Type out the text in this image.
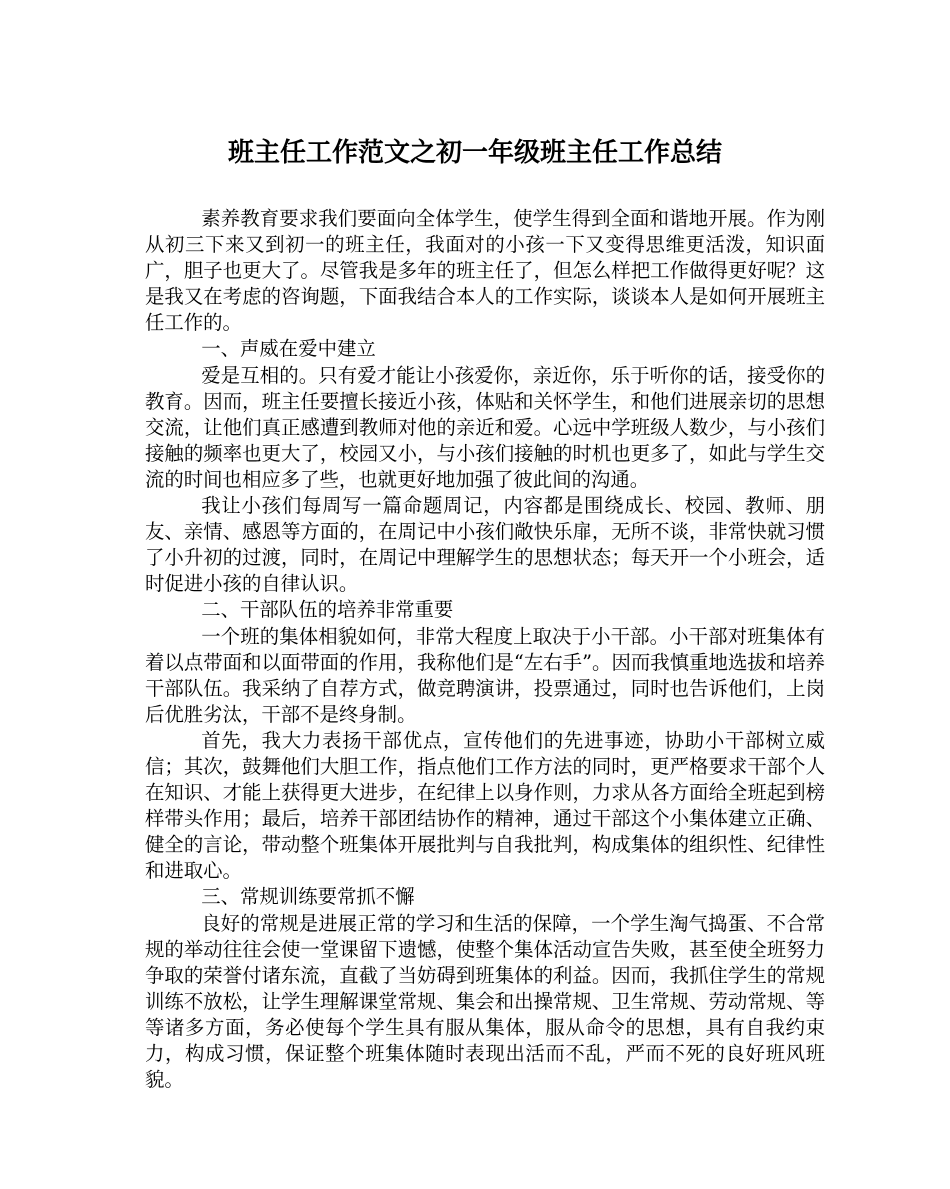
班主任工作范文之初一年级班主任工作总结

素养教育要求我们要面向全体学生，使学生得到全面和谐地开展。作为刚从初三下来又到初一的班主任，我面对的小孩一下又变得思维更活泼，知识面广，胆子也更大了。尽管我是多年的班主任了，但怎么样把工作做得更好呢？这是我又在考虑的咨询题，下面我结合本人的工作实际，谈谈本人是如何开展班主任工作的。

一、声威在爱中建立

爱是互相的。只有爱才能让小孩爱你，亲近你，乐于听你的话，接受你的教育。因而，班主任要擅长接近小孩，体贴和关怀学生，和他们进展亲切的思想交流，让他们真正感遭到教师对他的亲近和爱。心远中学班级人数少，与小孩们接触的频率也更大了，校园又小，与小孩们接触的时机也更多了，如此与学生交流的时间也相应多了些，也就更好地加强了彼此间的沟通。

我让小孩们每周写一篇命题周记，内容都是围绕成长、校园、教师、朋友、亲情、感恩等方面的，在周记中小孩们敞快乐扉，无所不谈，非常快就习惯了小升初的过渡，同时，在周记中理解学生的思想状态；每天开一个小班会，适时促进小孩的自律认识。

二、干部队伍的培养非常重要

一个班的集体相貌如何，非常大程度上取决于小干部。小干部对班集体有着以点带面和以面带面的作用，我称他们是“左右手”。因而我慎重地选拔和培养干部队伍。我采纳了自荐方式，做竞聘演讲，投票通过，同时也告诉他们，上岗后优胜劣汰，干部不是终身制。

首先，我大力表扬干部优点，宣传他们的先进事迹，协助小干部树立威信；其次，鼓舞他们大胆工作，指点他们工作方法的同时，更严格要求干部个人在知识、才能上获得更大进步，在纪律上以身作则，力求从各方面给全班起到榜样带头作用；最后，培养干部团结协作的精神，通过干部这个小集体建立正确、健全的言论，带动整个班集体开展批判与自我批判，构成集体的组织性、纪律性和进取心。

三、常规训练要常抓不懈

良好的常规是进展正常的学习和生活的保障，一个学生淘气捣蛋、不合常规的举动往往会使一堂课留下遗憾，使整个集体活动宣告失败，甚至使全班努力争取的荣誉付诸东流，直截了当妨碍到班集体的利益。因而，我抓住学生的常规训练不放松，让学生理解课堂常规、集会和出操常规、卫生常规、劳动常规、等等诸多方面，务必使每个学生具有服从集体，服从命令的思想，具有自我约束力，构成习惯，保证整个班集体随时表现出活而不乱，严而不死的良好班风班貌。
